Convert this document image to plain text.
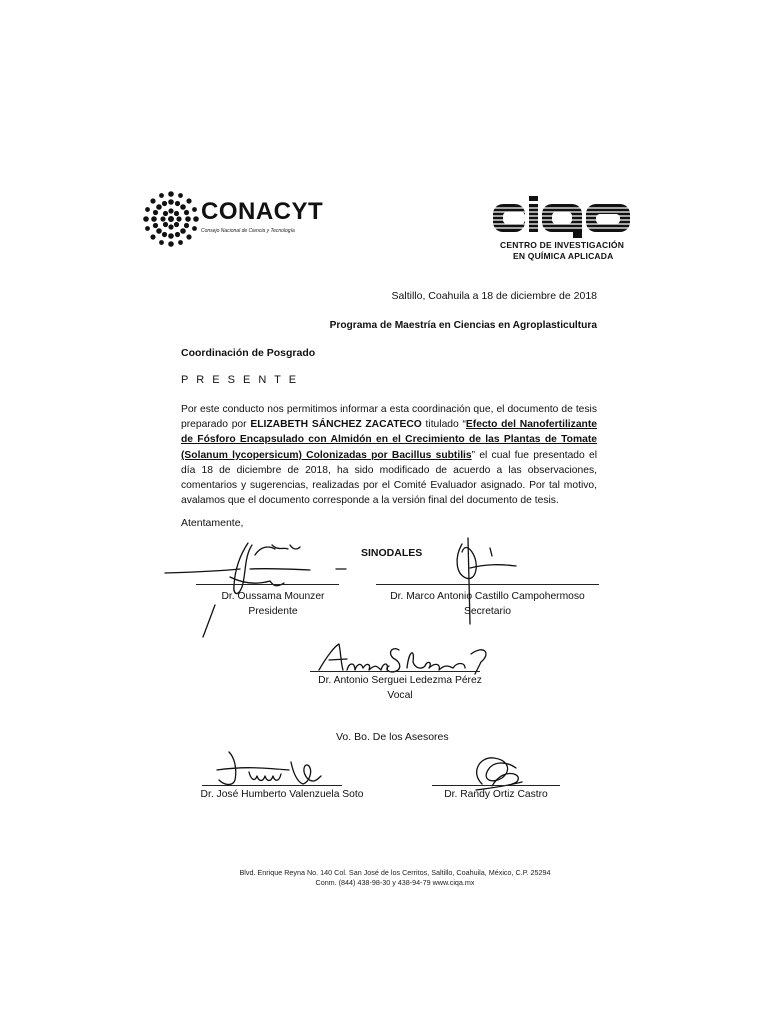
CONACYT
Consejo Nacional de Ciencia y Tecnología
CENTRO DE INVESTIGACIÓN
EN QUÍMICA APLICADA
Saltillo, Coahuila a 18 de diciembre de 2018
Programa de Maestría en Ciencias en Agroplasticultura
Coordinación de Posgrado
P R E S E N T E
Por este conducto nos permitimos informar a esta coordinación que, el documento de tesis preparado por ELIZABETH SÁNCHEZ ZACATECO titulado “Efecto del Nanofertilizante de Fósforo Encapsulado con Almidón en el Crecimiento de las Plantas de Tomate (Solanum lycopersicum) Colonizadas por Bacillus subtilis” el cual fue presentado el día 18 de diciembre de 2018, ha sido modificado de acuerdo a las observaciones, comentarios y sugerencias, realizadas por el Comité Evaluador asignado. Por tal motivo, avalamos que el documento corresponde a la versión final del documento de tesis.
Atentamente,
SINODALES
Dr. Oussama Mounzer
Presidente
Dr. Marco Antonio Castillo Campohermoso
Secretario
Dr. Antonio Serguei Ledezma Pérez
Vocal
Vo. Bo. De los Asesores
Dr. José Humberto Valenzuela Soto	Dr. Randy Ortiz Castro
Blvd. Enrique Reyna No. 140 Col. San José de los Cerritos, Saltillo, Coahuila, México, C.P. 25294
Conm. (844) 438-98-30 y 438-94-79 www.ciqa.mx
